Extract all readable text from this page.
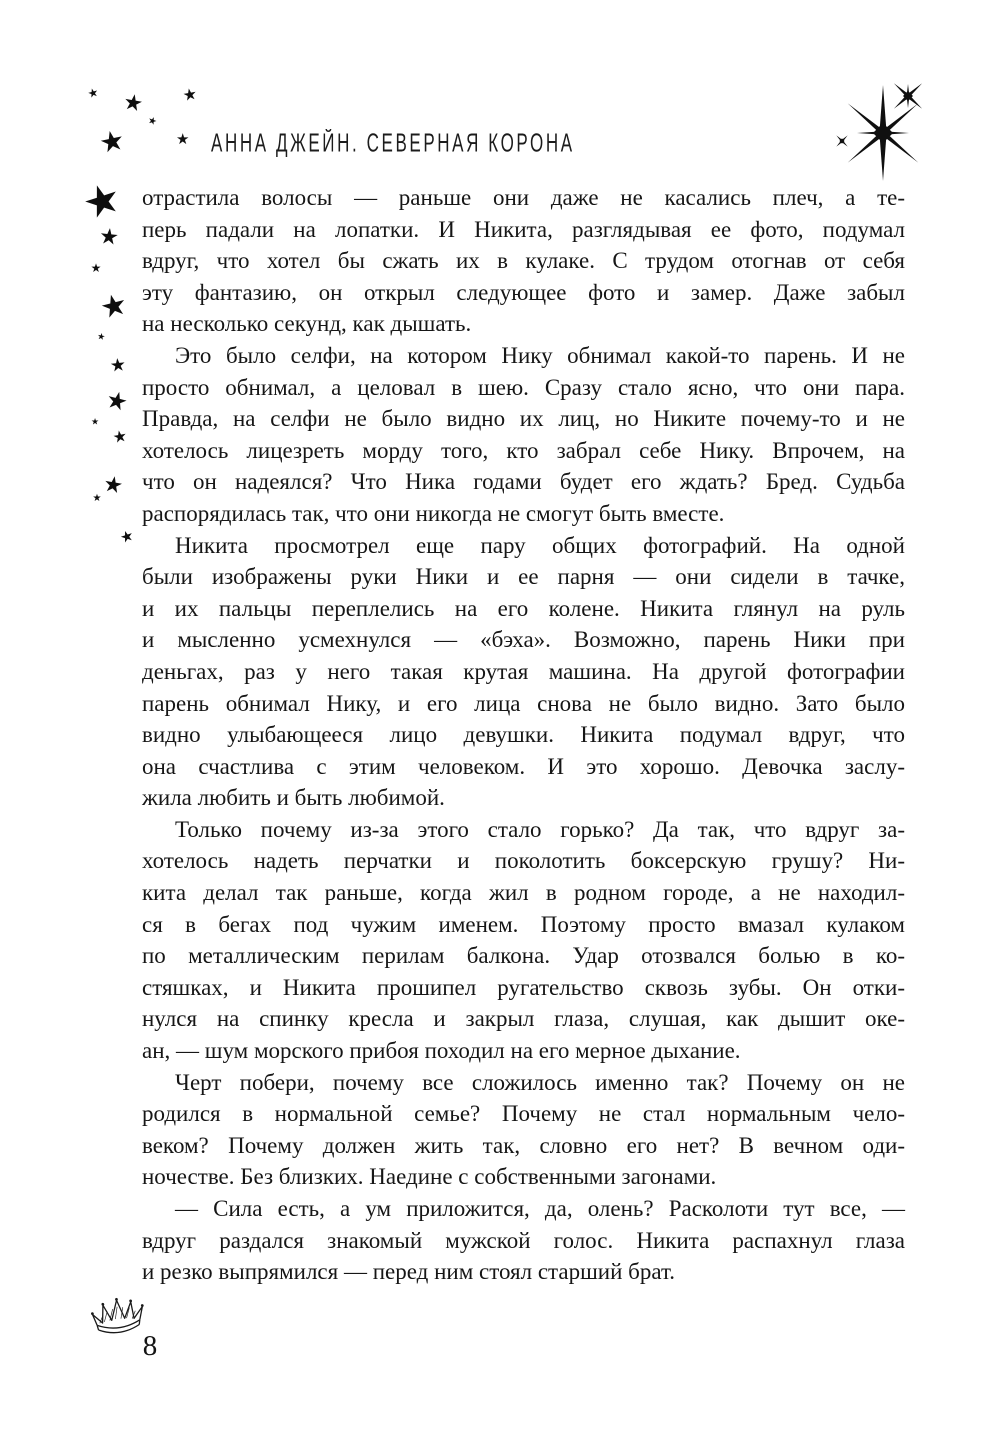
★ АННА ДЖЕЙН. СЕВЕРНАЯ КОРОНА
★ ★
★
★
★
★
★
★
★
★
★
★
★
★
★
★
★

отрастила волосы — раньше они даже не касались плеч, а те-
перь падали на лопатки. И Никита, разглядывая ее фото, подумал
вдруг, что хотел бы сжать их в кулаке. С трудом отогнав от себя
эту фантазию, он открыл следующее фото и замер. Даже забыл
на несколько секунд, как дышать.

Это было селфи, на котором Нику обнимал какой-то парень. И не
просто обнимал, а целовал в шею. Сразу стало ясно, что они пара.
Правда, на селфи не было видно их лиц, но Никите почему-то и не
хотелось лицезреть морду того, кто забрал себе Нику. Впрочем, на
что он надеялся? Что Ника годами будет его ждать? Бред. Судьба
распорядилась так, что они никогда не смогут быть вместе.

Никита просмотрел еще пару общих фотографий. На одной
были изображены руки Ники и ее парня — они сидели в тачке,
и их пальцы переплелись на его колене. Никита глянул на руль
и мысленно усмехнулся — «бэха». Возможно, парень Ники при
деньгах, раз у него такая крутая машина. На другой фотографии
парень обнимал Нику, и его лица снова не было видно. Зато было
видно улыбающееся лицо девушки. Никита подумал вдруг, что
она счастлива с этим человеком. И это хорошо. Девочка заслу-
жила любить и быть любимой.

Только почему из-за этого стало горько? Да так, что вдруг за-
хотелось надеть перчатки и поколотить боксерскую грушу? Ни-
кита делал так раньше, когда жил в родном городе, а не находил-
ся в бегах под чужим именем. Поэтому просто вмазал кулаком
по металлическим перилам балкона. Удар отозвался болью в ко-
стяшках, и Никита прошипел ругательство сквозь зубы. Он отки-
нулся на спинку кресла и закрыл глаза, слушая, как дышит оке-
ан, — шум морского прибоя походил на его мерное дыхание.

Черт побери, почему все сложилось именно так? Почему он не
родился в нормальной семье? Почему не стал нормальным чело-
веком? Почему должен жить так, словно его нет? В вечном оди-
ночестве. Без близких. Наедине с собственными загонами.

— Сила есть, а ум приложится, да, олень? Расколоти тут все, —
вдруг раздался знакомый мужской голос. Никита распахнул глаза
и резко выпрямился — перед ним стоял старший брат.

8
